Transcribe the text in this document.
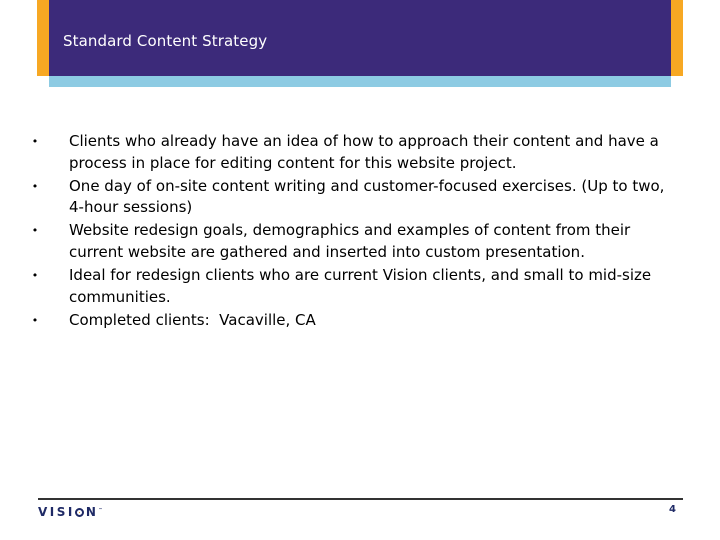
Standard Content Strategy
• Clients who already have an idea of how to approach their content and have a process in place for editing content for this website project.
• One day of on-site content writing and customer-focused exercises. (Up to two, 4-hour sessions)
• Website redesign goals, demographics and examples of content from their current website are gathered and inserted into custom presentation.
• Ideal for redesign clients who are current Vision clients, and small to mid-size communities.
• Completed clients:  Vacaville, CA
VISI N™	4
